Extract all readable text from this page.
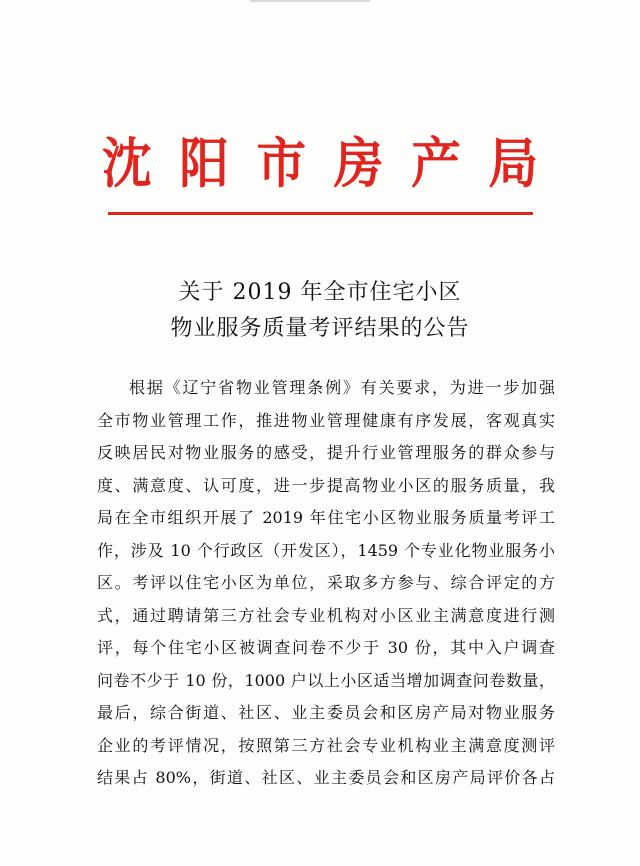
沈阳市房产局
关于 2019 年全市住宅小区
物业服务质量考评结果的公告
根据《辽宁省物业管理条例》有关要求，为进一步加强
全市物业管理工作，推进物业管理健康有序发展，客观真实
反映居民对物业服务的感受，提升行业管理服务的群众参与
度、满意度、认可度，进一步提高物业小区的服务质量，我
局在全市组织开展了 2019 年住宅小区物业服务质量考评工
作，涉及 10 个行政区（开发区），1459 个专业化物业服务小
区。考评以住宅小区为单位，采取多方参与、综合评定的方
式，通过聘请第三方社会专业机构对小区业主满意度进行测
评，每个住宅小区被调查问卷不少于 30 份，其中入户调查
问卷不少于 10 份，1000 户以上小区适当增加调查问卷数量，
最后，综合街道、社区、业主委员会和区房产局对物业服务
企业的考评情况，按照第三方社会专业机构业主满意度测评
结果占 80%，街道、社区、业主委员会和区房产局评价各占
